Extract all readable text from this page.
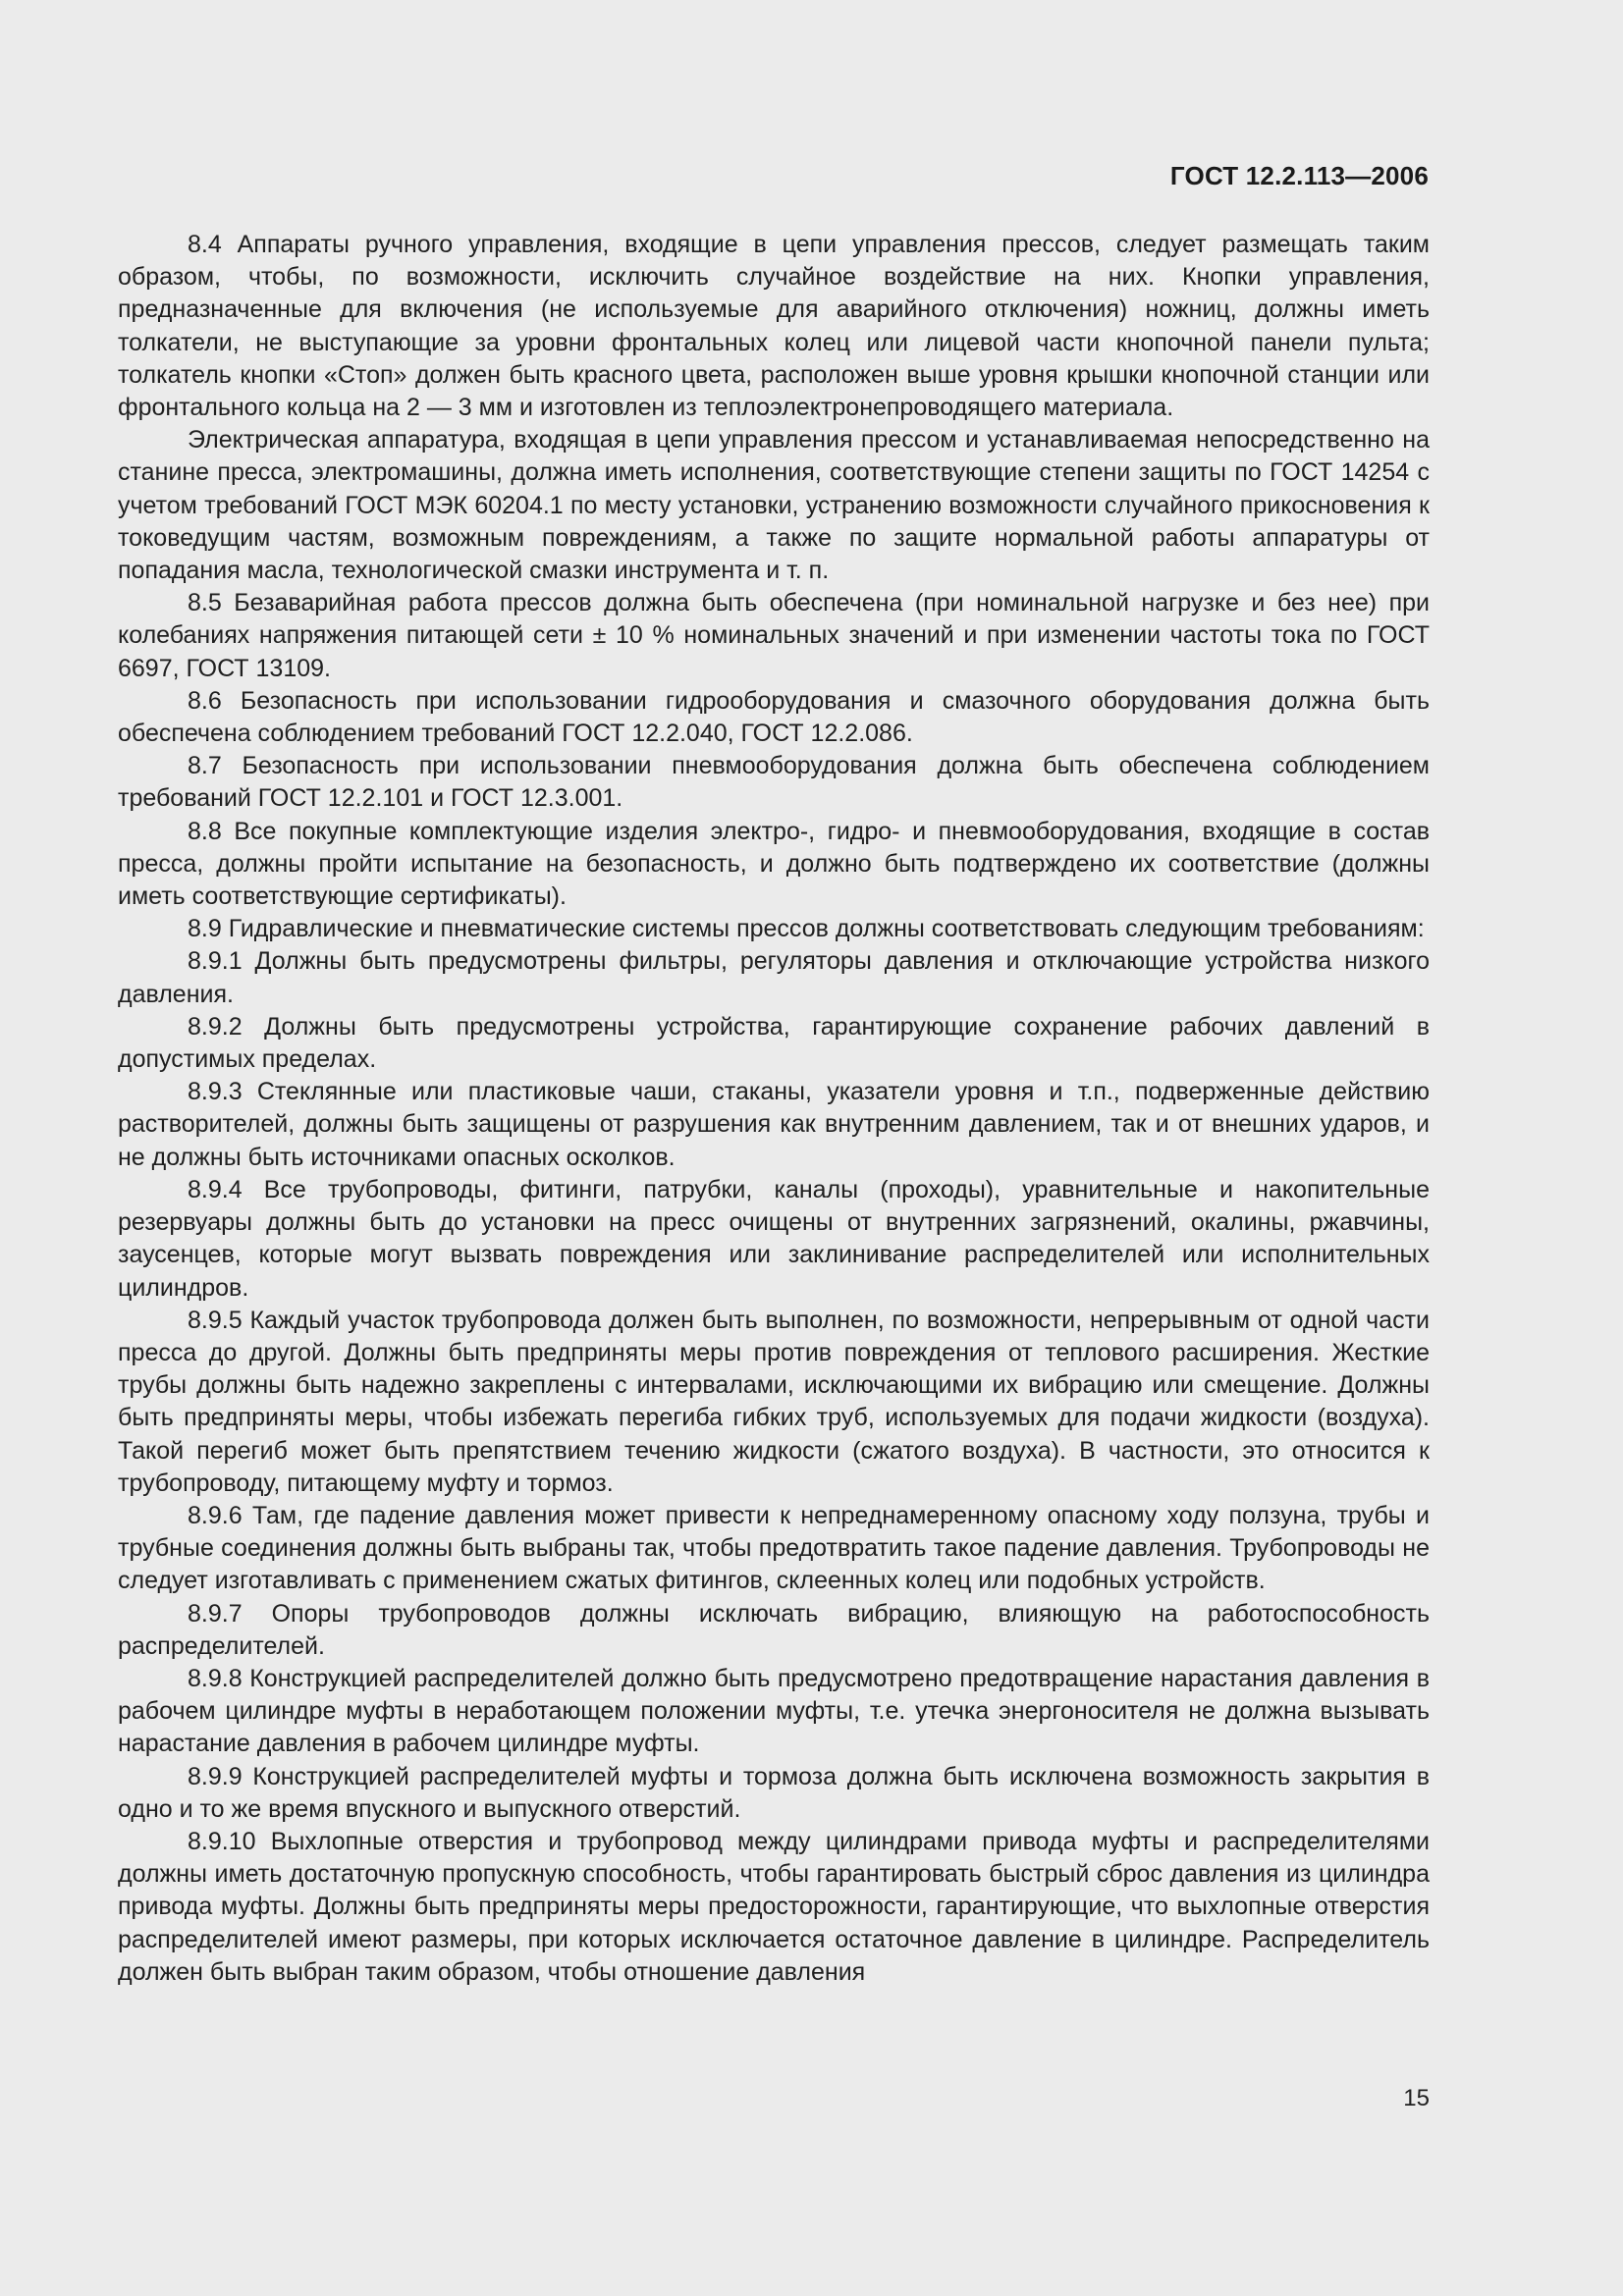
ГОСТ 12.2.113—2006

8.4 Аппараты ручного управления, входящие в цепи управления прессов, следует размещать таким образом, чтобы, по возможности, исключить случайное воздействие на них. Кнопки управления, предназначенные для включения (не используемые для аварийного отключения) ножниц, должны иметь толкатели, не выступающие за уровни фронтальных колец или лицевой части кнопочной панели пульта; толкатель кнопки «Стоп» должен быть красного цвета, расположен выше уровня крышки кнопочной станции или фронтального кольца на 2 — 3 мм и изготовлен из теплоэлектронепроводящего материала.

Электрическая аппаратура, входящая в цепи управления прессом и устанавливаемая непосредственно на станине пресса, электромашины, должна иметь исполнения, соответствующие степени защиты по ГОСТ 14254 с учетом требований ГОСТ МЭК 60204.1 по месту установки, устранению возможности случайного прикосновения к токоведущим частям, возможным повреждениям, а также по защите нормальной работы аппаратуры от попадания масла, технологической смазки инструмента и т. п.

8.5 Безаварийная работа прессов должна быть обеспечена (при номинальной нагрузке и без нее) при колебаниях напряжения питающей сети ± 10 % номинальных значений и при изменении частоты тока по ГОСТ 6697, ГОСТ 13109.

8.6 Безопасность при использовании гидрооборудования и смазочного оборудования должна быть обеспечена соблюдением требований ГОСТ 12.2.040, ГОСТ 12.2.086.

8.7 Безопасность при использовании пневмооборудования должна быть обеспечена соблюдением требований ГОСТ 12.2.101 и ГОСТ 12.3.001.

8.8 Все покупные комплектующие изделия электро-, гидро- и пневмооборудования, входящие в состав пресса, должны пройти испытание на безопасность, и должно быть подтверждено их соответствие (должны иметь соответствующие сертификаты).

8.9 Гидравлические и пневматические системы прессов должны соответствовать следующим требованиям:

8.9.1 Должны быть предусмотрены фильтры, регуляторы давления и отключающие устройства низкого давления.

8.9.2 Должны быть предусмотрены устройства, гарантирующие сохранение рабочих давлений в допустимых пределах.

8.9.3 Стеклянные или пластиковые чаши, стаканы, указатели уровня и т.п., подверженные действию растворителей, должны быть защищены от разрушения как внутренним давлением, так и от внешних ударов, и не должны быть источниками опасных осколков.

8.9.4 Все трубопроводы, фитинги, патрубки, каналы (проходы), уравнительные и накопительные резервуары должны быть до установки на пресс очищены от внутренних загрязнений, окалины, ржавчины, заусенцев, которые могут вызвать повреждения или заклинивание распределителей или исполнительных цилиндров.

8.9.5 Каждый участок трубопровода должен быть выполнен, по возможности, непрерывным от одной части пресса до другой. Должны быть предприняты меры против повреждения от теплового расширения. Жесткие трубы должны быть надежно закреплены с интервалами, исключающими их вибрацию или смещение. Должны быть предприняты меры, чтобы избежать перегиба гибких труб, используемых для подачи жидкости (воздуха). Такой перегиб может быть препятствием течению жидкости (сжатого воздуха). В частности, это относится к трубопроводу, питающему муфту и тормоз.

8.9.6 Там, где падение давления может привести к непреднамеренному опасному ходу ползуна, трубы и трубные соединения должны быть выбраны так, чтобы предотвратить такое падение давления. Трубопроводы не следует изготавливать с применением сжатых фитингов, склеенных колец или подобных устройств.

8.9.7 Опоры трубопроводов должны исключать вибрацию, влияющую на работоспособность распределителей.

8.9.8 Конструкцией распределителей должно быть предусмотрено предотвращение нарастания давления в рабочем цилиндре муфты в неработающем положении муфты, т.е. утечка энергоносителя не должна вызывать нарастание давления в рабочем цилиндре муфты.

8.9.9 Конструкцией распределителей муфты и тормоза должна быть исключена возможность закрытия в одно и то же время впускного и выпускного отверстий.

8.9.10 Выхлопные отверстия и трубопровод между цилиндрами привода муфты и распределителями должны иметь достаточную пропускную способность, чтобы гарантировать быстрый сброс давления из цилиндра привода муфты. Должны быть предприняты меры предосторожности, гарантирующие, что выхлопные отверстия распределителей имеют размеры, при которых исключается остаточное давление в цилиндре. Распределитель должен быть выбран таким образом, чтобы отношение давления

15
